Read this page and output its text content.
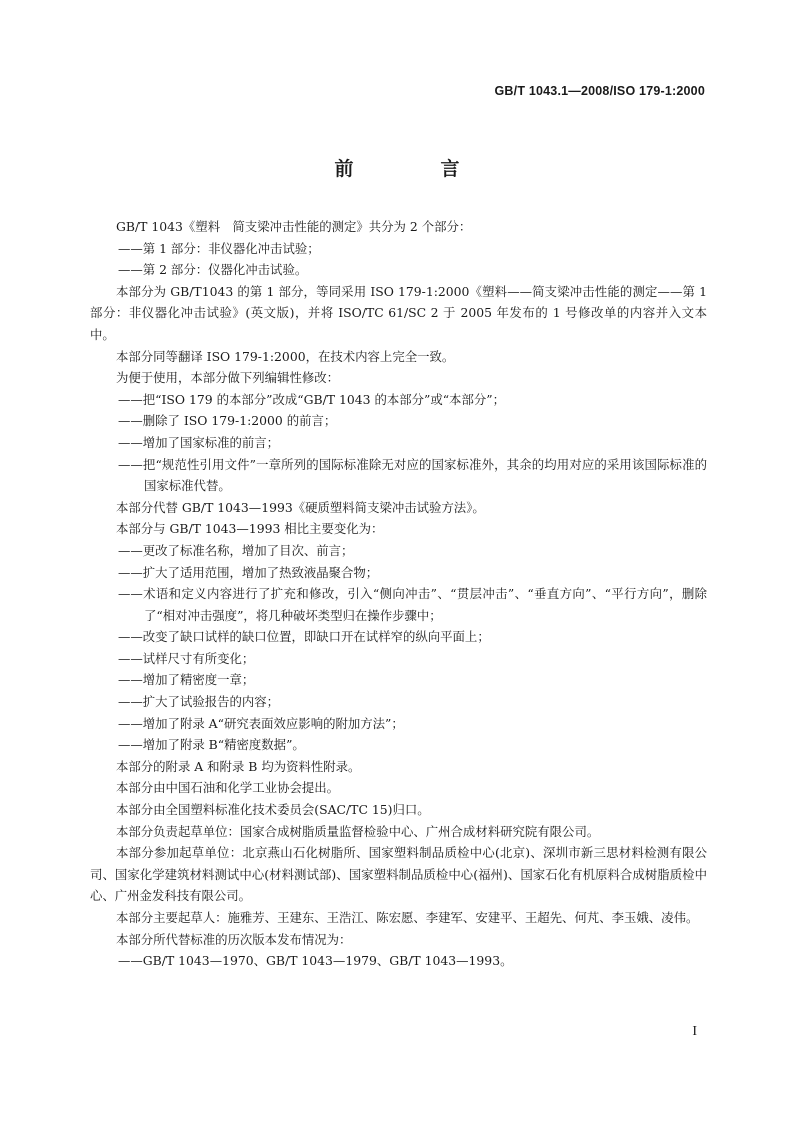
GB/T 1043.1—2008/ISO 179-1:2000
前　言

GB/T 1043《塑料　简支梁冲击性能的测定》共分为 2 个部分：

——第 1 部分：非仪器化冲击试验；

——第 2 部分：仪器化冲击试验。

本部分为 GB/T1043 的第 1 部分，等同采用 ISO 179-1:2000《塑料——简支梁冲击性能的测定——第 1 部分：非仪器化冲击试验》(英文版)，并将 ISO/TC 61/SC 2 于 2005 年发布的 1 号修改单的内容并入文本中。

本部分同等翻译 ISO 179-1:2000，在技术内容上完全一致。

为便于使用，本部分做下列编辑性修改：

——把“ISO 179 的本部分”改成“GB/T 1043 的本部分”或“本部分”；

——删除了 ISO 179-1:2000 的前言；

——增加了国家标准的前言；

——把“规范性引用文件”一章所列的国际标准除无对应的国家标准外，其余的均用对应的采用该国际标准的国家标准代替。

本部分代替 GB/T 1043—1993《硬质塑料简支梁冲击试验方法》。

本部分与 GB/T 1043—1993 相比主要变化为：

——更改了标准名称，增加了目次、前言；

——扩大了适用范围，增加了热致液晶聚合物；

——术语和定义内容进行了扩充和修改，引入“侧向冲击”、“贯层冲击”、“垂直方向”、“平行方向”，删除了“相对冲击强度”，将几种破坏类型归在操作步骤中；

——改变了缺口试样的缺口位置，即缺口开在试样窄的纵向平面上；

——试样尺寸有所变化；

——增加了精密度一章；

——扩大了试验报告的内容；

——增加了附录 A“研究表面效应影响的附加方法”；

——增加了附录 B“精密度数据”。

本部分的附录 A 和附录 B 均为资料性附录。

本部分由中国石油和化学工业协会提出。

本部分由全国塑料标准化技术委员会(SAC/TC 15)归口。

本部分负责起草单位：国家合成树脂质量监督检验中心、广州合成材料研究院有限公司。

本部分参加起草单位：北京燕山石化树脂所、国家塑料制品质检中心(北京)、深圳市新三思材料检测有限公司、国家化学建筑材料测试中心(材料测试部)、国家塑料制品质检中心(福州)、国家石化有机原料合成树脂质检中心、广州金发科技有限公司。

本部分主要起草人：施雅芳、王建东、王浩江、陈宏愿、李建军、安建平、王超先、何芃、李玉娥、凌伟。

本部分所代替标准的历次版本发布情况为：

——GB/T 1043—1970、GB/T 1043—1979、GB/T 1043—1993。

I
